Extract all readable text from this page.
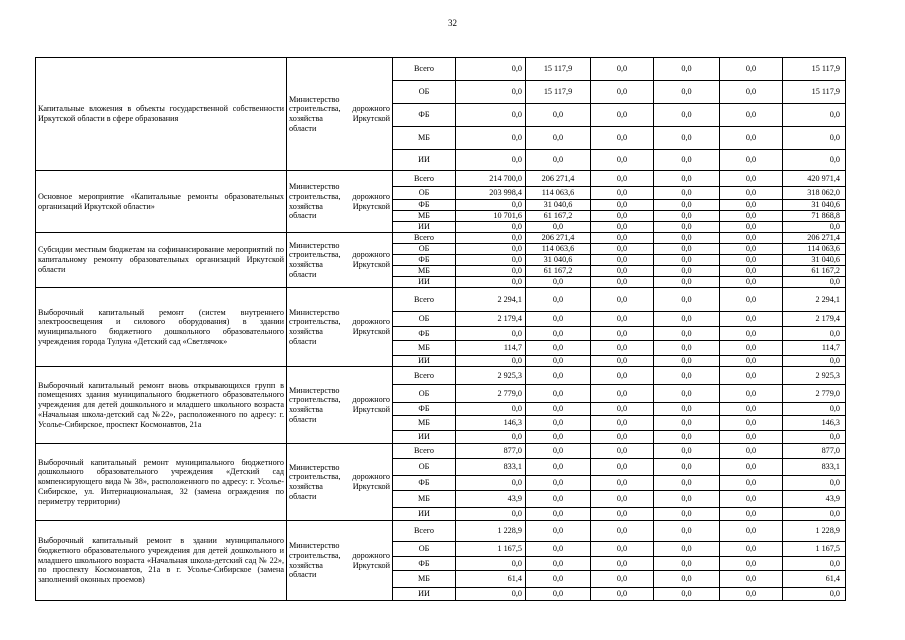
32
Капитальные вложения в объекты государственной собственности Иркутской области в сфере образования	Министерство строительства, дорожного хозяйства Иркутской области	Всего	0,0	15 117,9	0,0	0,0	0,0	15 117,9
		ОБ	0,0	15 117,9	0,0	0,0	0,0	15 117,9
		ФБ	0,0	0,0	0,0	0,0	0,0	0,0
		МБ	0,0	0,0	0,0	0,0	0,0	0,0
		ИИ	0,0	0,0	0,0	0,0	0,0	0,0
Основное мероприятие «Капитальные ремонты образовательных организаций Иркутской области»	Министерство строительства, дорожного хозяйства Иркутской области	Всего	214 700,0	206 271,4	0,0	0,0	0,0	420 971,4
		ОБ	203 998,4	114 063,6	0,0	0,0	0,0	318 062,0
		ФБ	0,0	31 040,6	0,0	0,0	0,0	31 040,6
		МБ	10 701,6	61 167,2	0,0	0,0	0,0	71 868,8
		ИИ	0,0	0,0	0,0	0,0	0,0	0,0
Субсидии местным бюджетам на софинансирование мероприятий по капитальному ремонту образовательных организаций Иркутской области	Министерство строительства, дорожного хозяйства Иркутской области	Всего	0,0	206 271,4	0,0	0,0	0,0	206 271,4
		ОБ	0,0	114 063,6	0,0	0,0	0,0	114 063,6
		ФБ	0,0	31 040,6	0,0	0,0	0,0	31 040,6
		МБ	0,0	61 167,2	0,0	0,0	0,0	61 167,2
		ИИ	0,0	0,0	0,0	0,0	0,0	0,0
Выборочный капитальный ремонт (систем внутреннего электроосвещения и силового оборудования) в здании муниципального бюджетного дошкольного образовательного учреждения города Тулуна «Детский сад «Светлячок»	Министерство строительства, дорожного хозяйства Иркутской области	Всего	2 294,1	0,0	0,0	0,0	0,0	2 294,1
		ОБ	2 179,4	0,0	0,0	0,0	0,0	2 179,4
		ФБ	0,0	0,0	0,0	0,0	0,0	0,0
		МБ	114,7	0,0	0,0	0,0	0,0	114,7
		ИИ	0,0	0,0	0,0	0,0	0,0	0,0
Выборочный капитальный ремонт вновь открывающихся групп в помещениях здания муниципального бюджетного образовательного учреждения для детей дошкольного и младшего школьного возраста «Начальная школа-детский сад №22», расположенного по адресу: г. Усолье-Сибирское, проспект Космонавтов, 21а	Министерство строительства, дорожного хозяйства Иркутской области	Всего	2 925,3	0,0	0,0	0,0	0,0	2 925,3
		ОБ	2 779,0	0,0	0,0	0,0	0,0	2 779,0
		ФБ	0,0	0,0	0,0	0,0	0,0	0,0
		МБ	146,3	0,0	0,0	0,0	0,0	146,3
		ИИ	0,0	0,0	0,0	0,0	0,0	0,0
Выборочный капитальный ремонт муниципального бюджетного дошкольного образовательного учреждения «Детский сад компенсирующего вида № 38», расположенного по адресу: г. Усолье-Сибирское, ул. Интернациональная, 32 (замена ограждения по периметру территории)	Министерство строительства, дорожного хозяйства Иркутской области	Всего	877,0	0,0	0,0	0,0	0,0	877,0
		ОБ	833,1	0,0	0,0	0,0	0,0	833,1
		ФБ	0,0	0,0	0,0	0,0	0,0	0,0
		МБ	43,9	0,0	0,0	0,0	0,0	43,9
		ИИ	0,0	0,0	0,0	0,0	0,0	0,0
Выборочный капитальный ремонт в здании муниципального бюджетного образовательного учреждения для детей дошкольного и младшего школьного возраста «Начальная школа-детский сад № 22», по проспекту Космонавтов, 21а в г. Усолье-Сибирское (замена заполнений оконных проемов)	Министерство строительства, дорожного хозяйства Иркутской области	Всего	1 228,9	0,0	0,0	0,0	0,0	1 228,9
		ОБ	1 167,5	0,0	0,0	0,0	0,0	1 167,5
		ФБ	0,0	0,0	0,0	0,0	0,0	0,0
		МБ	61,4	0,0	0,0	0,0	0,0	61,4
		ИИ	0,0	0,0	0,0	0,0	0,0	0,0
